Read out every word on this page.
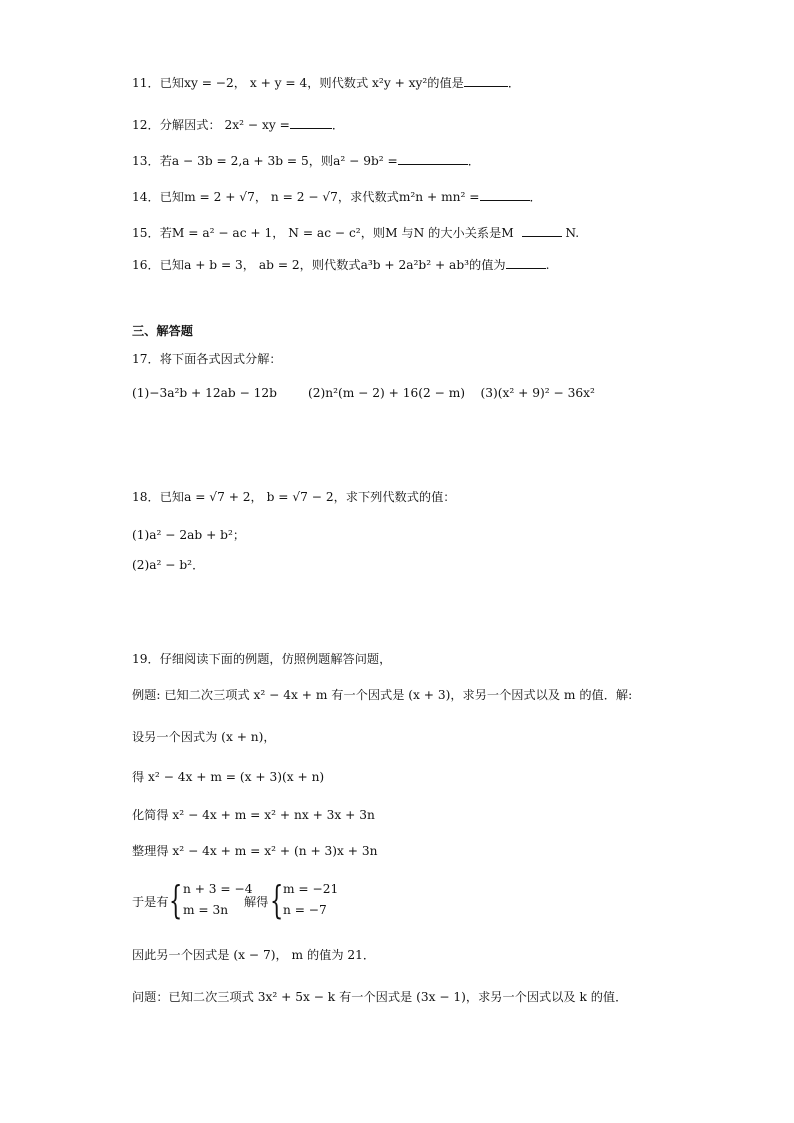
11．已知xy = −2， x + y = 4，则代数式 x²y + xy²的值是	．
12．分解因式： 2x² − xy =	．
13．若a − 3b = 2,a + 3b = 5，则a² − 9b² =	．
14．已知m = 2 + √7， n = 2 − √7，求代数式m²n + mn² =	．
15．若M = a² − ac + 1， N = ac − c²，则M 与N 的大小关系是M	N.
16．已知a + b = 3， ab = 2，则代数式a³b + 2a²b² + ab³的值为	.
三、解答题
17．将下面各式因式分解：
(1)−3a²b + 12ab − 12b        (2)n²(m − 2) + 16(2 − m)    (3)(x² + 9)² − 36x²
18．已知a = √7 + 2， b = √7 − 2，求下列代数式的值：
(1)a² − 2ab + b²；
(2)a² − b²．
19．仔细阅读下面的例题，仿照例题解答问题，
例题: 已知二次三项式 x² − 4x + m 有一个因式是 (x + 3)，求另一个因式以及 m 的值．解:
设另一个因式为 (x + n)，
得 x² − 4x + m = (x + 3)(x + n)
化简得 x² − 4x + m = x² + nx + 3x + 3n
整理得 x² − 4x + m = x² + (n + 3)x + 3n
于是有 { n + 3 = −4
m = 3n
解得 { m = −21
n = −7
因此另一个因式是 (x − 7)， m 的值为 21．
问题：已知二次三项式 3x² + 5x − k 有一个因式是 (3x − 1)，求另一个因式以及 k 的值．
